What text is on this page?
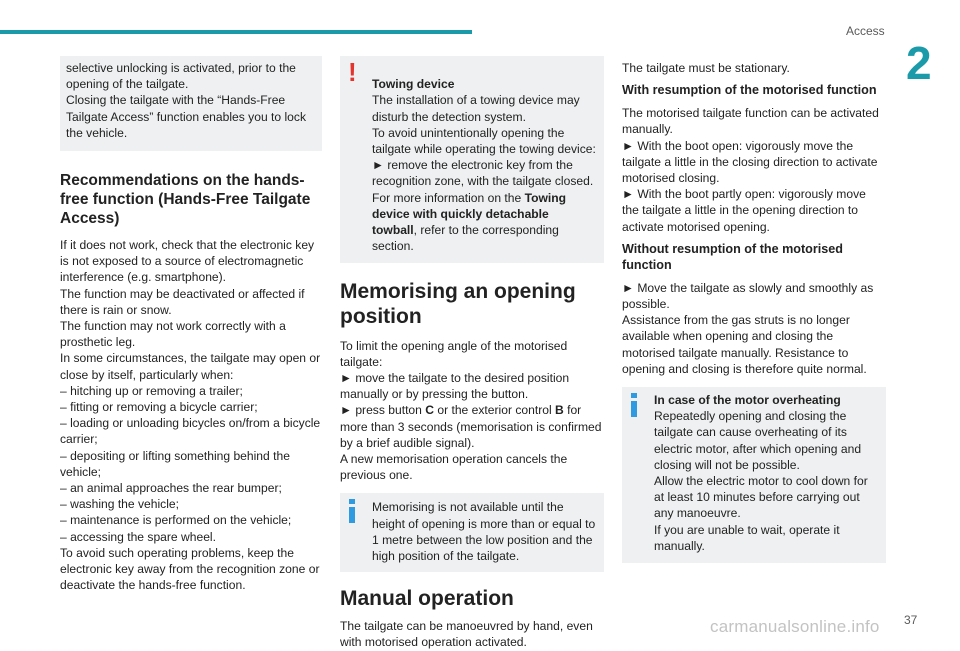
Access
2
selective unlocking is activated, prior to the opening of the tailgate.
Closing the tailgate with the “Hands-Free Tailgate Access” function enables you to lock the vehicle.
Recommendations on the hands-free function (Hands-Free Tailgate Access)
If it does not work, check that the electronic key is not exposed to a source of electromagnetic interference (e.g. smartphone).
The function may be deactivated or affected if there is rain or snow.
The function may not work correctly with a prosthetic leg.
In some circumstances, the tailgate may open or close by itself, particularly when:
– hitching up or removing a trailer;
– fitting or removing a bicycle carrier;
– loading or unloading bicycles on/from a bicycle carrier;
– depositing or lifting something behind the vehicle;
– an animal approaches the rear bumper;
– washing the vehicle;
– maintenance is performed on the vehicle;
– accessing the spare wheel.
To avoid such operating problems, keep the electronic key away from the recognition zone or deactivate the hands-free function.
!	Towing device

The installation of a towing device may disturb the detection system.
To avoid unintentionally opening the tailgate while operating the towing device:
► remove the electronic key from the recognition zone, with the tailgate closed.
For more information on the Towing device with quickly detachable towball, refer to the corresponding section.
Memorising an opening position
To limit the opening angle of the motorised tailgate:
► move the tailgate to the desired position manually or by pressing the button.
► press button C or the exterior control B for more than 3 seconds (memorisation is confirmed by a brief audible signal).
A new memorisation operation cancels the previous one.
Memorising is not available until the height of opening is more than or equal to 1 metre between the low position and the high position of the tailgate.
Manual operation
The tailgate can be manoeuvred by hand, even with motorised operation activated.
The tailgate must be stationary.
With resumption of the motorised function
The motorised tailgate function can be activated manually.
► With the boot open: vigorously move the tailgate a little in the closing direction to activate motorised closing.
► With the boot partly open: vigorously move the tailgate a little in the opening direction to activate motorised opening.
Without resumption of the motorised function
► Move the tailgate as slowly and smoothly as possible.
Assistance from the gas struts is no longer available when opening and closing the motorised tailgate manually. Resistance to opening and closing is therefore quite normal.
In case of the motor overheating
Repeatedly opening and closing the tailgate can cause overheating of its electric motor, after which opening and closing will not be possible.
Allow the electric motor to cool down for at least 10 minutes before carrying out any manoeuvre.
If you are unable to wait, operate it manually.
carmanualsonline.info 37
